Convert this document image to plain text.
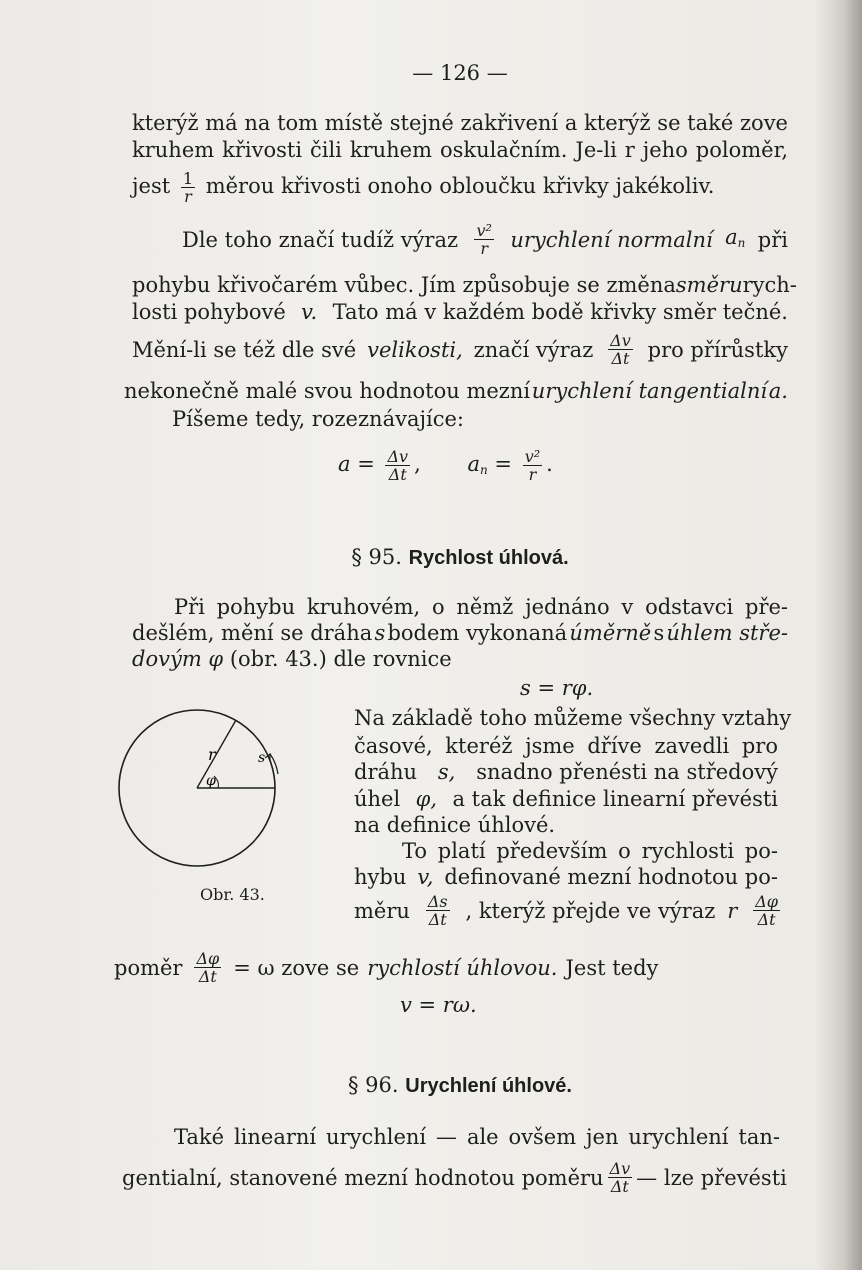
— 126 —
kterýž má na tom místě stejné zakřivení a kterýž se také zove
kruhem křivosti čili kruhem oskulačním. Je-li r jeho poloměr,
jest $\frac{1}{r}$ měrou křivosti onoho obloučku křivky jakékoliv.
Dle toho značí tudíž výraz $\frac{\text{v²}}{r}$ urychlení normalní $a_n$ při
pohybu křivočarém vůbec. Jím způsobuje se změna směru rych-
losti pohybové v. Tato má v každém bodě křivky směr tečné.
Mění-li se též dle své velikosti, značí výraz $\frac{\Delta v}{\Delta t}$ pro přírůstky
nekonečně malé svou hodnotou mezní urychlení tangentialní a.
Píšeme tedy, rozeznávajíce:
$a = \frac{\Delta v}{\Delta t}$ , $a_n = \frac{\text{v²}}{r}$ .
§ 95. Rychlost úhlová.
Při pohybu kruhovém, o němž jednáno v odstavci pře-
dešlém, mění se dráha s bodem vykonaná úměrně s úhlem stře-
dovým φ (obr. 43.) dle rovnice
s = rφ.
r	s
φ
Obr. 43.
Na základě toho můžeme všechny vztahy
časové, kteréž jsme dříve zavedli pro
dráhu s, snadno přenésti na středový
úhel φ, a tak definice linearní převésti
na definice úhlové.
To platí především o rychlosti po-
hybu v, definované mezní hodnotou po-
měru $\frac{\Delta s}{\Delta t}$ , kterýž přejde ve výraz r $\frac{\Delta\varphi}{\Delta t}$
poměr $\frac{\Delta\varphi}{\Delta t} = \omega$ zove se rychlostí úhlovou. Jest tedy
v = rω.
§ 96. Urychlení úhlové.
Také linearní urychlení — ale ovšem jen urychlení tan-
gentialní, stanovené mezní hodnotou poměru $\frac{\Delta v}{\Delta t}$ — lze převésti
